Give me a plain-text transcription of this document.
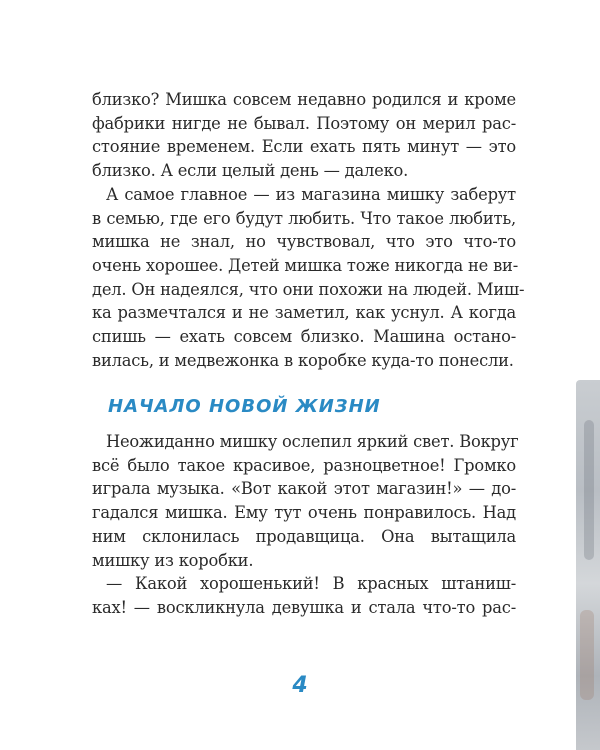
близко? Мишка совсем недавно родился и кроме
фабрики нигде не бывал. Поэтому он мерил рас-
стояние временем. Если ехать пять минут — это
близко. А если целый день — далеко.
А самое главное — из магазина мишку заберут
в семью, где его будут любить. Что такое любить,
мишка не знал, но чувствовал, что это что-то
очень хорошее. Детей мишка тоже никогда не ви-
дел. Он надеялся, что они похожи на людей. Миш-
ка размечтался и не заметил, как уснул. А когда
спишь — ехать совсем близко. Машина остано-
вилась, и медвежонка в коробке куда-то понесли.
НАЧАЛО НОВОЙ ЖИЗНИ
Неожиданно мишку ослепил яркий свет. Вокруг
всё было такое красивое, разноцветное! Громко
играла музыка. «Вот какой этот магазин!» — до-
гадался мишка. Ему тут очень понравилось. Над
ним склонилась продавщица. Она вытащила
мишку из коробки.
— Какой хорошенький! В красных штаниш-
ках! — воскликнула девушка и стала что-то рас-
4
